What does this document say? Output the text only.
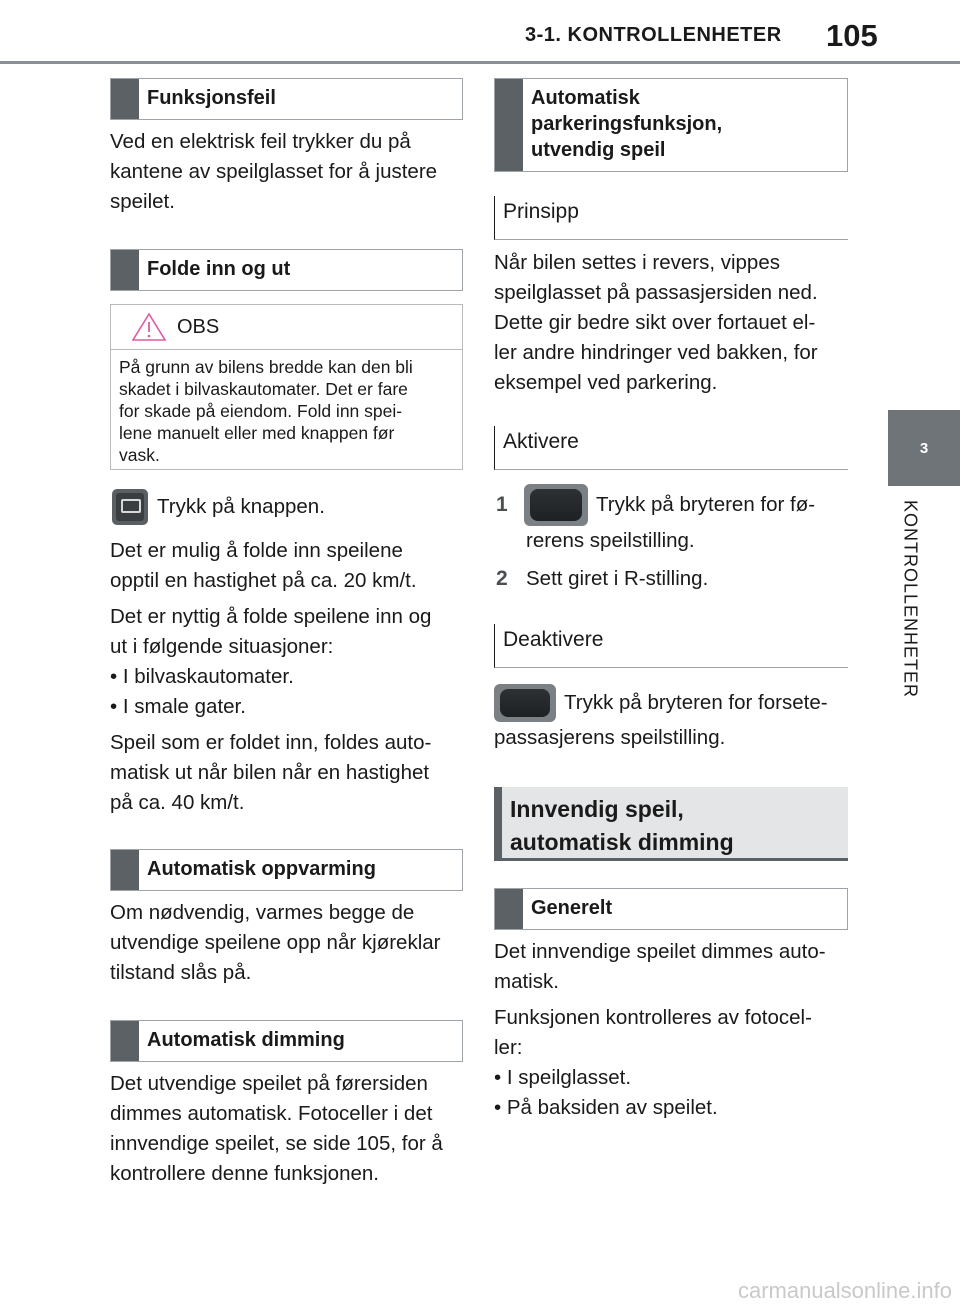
3-1. KONTROLLENHETER 105
3
KONTROLLENHETER
Funksjonsfeil

Ved en elektrisk feil trykker du på

kantene av speilglasset for å justere

speilet.

Folde inn og ut
OBS
På grunn av bilens bredde kan den bli
skadet i bilvaskautomater. Det er fare
for skade på eiendom. Fold inn spei-
lene manuelt eller med knappen før
vask.
Trykk på knappen.

Det er mulig å folde inn speilene

opptil en hastighet på ca. 20 km/t.

Det er nyttig å folde speilene inn og

ut i følgende situasjoner:

• I bilvaskautomater.

• I smale gater.

Speil som er foldet inn, foldes auto-

matisk ut når bilen når en hastighet

på ca. 40 km/t.

Automatisk oppvarming

Om nødvendig, varmes begge de

utvendige speilene opp når kjøreklar

tilstand slås på.

Automatisk dimming

Det utvendige speilet på førersiden

dimmes automatisk. Fotoceller i det

innvendige speilet, se side 105, for å

kontrollere denne funksjonen.

Automatisk
parkeringsfunksjon,
utvendig speil
Prinsipp

Når bilen settes i revers, vippes

speilglasset på passasjersiden ned.

Dette gir bedre sikt over fortauet el-

ler andre hindringer ved bakken, for

eksempel ved parkering.

Aktivere
1	Trykk på bryteren for fø-
rerens speilstilling.
2 Sett giret i R-stilling.
Deaktivere
Trykk på bryteren for forsete-
passasjerens speilstilling.
Innvendig speil,
automatisk dimming
Generelt

Det innvendige speilet dimmes auto-

matisk.

Funksjonen kontrolleres av fotocel-

ler:

• I speilglasset.

• På baksiden av speilet.

carmanualsonline.info
